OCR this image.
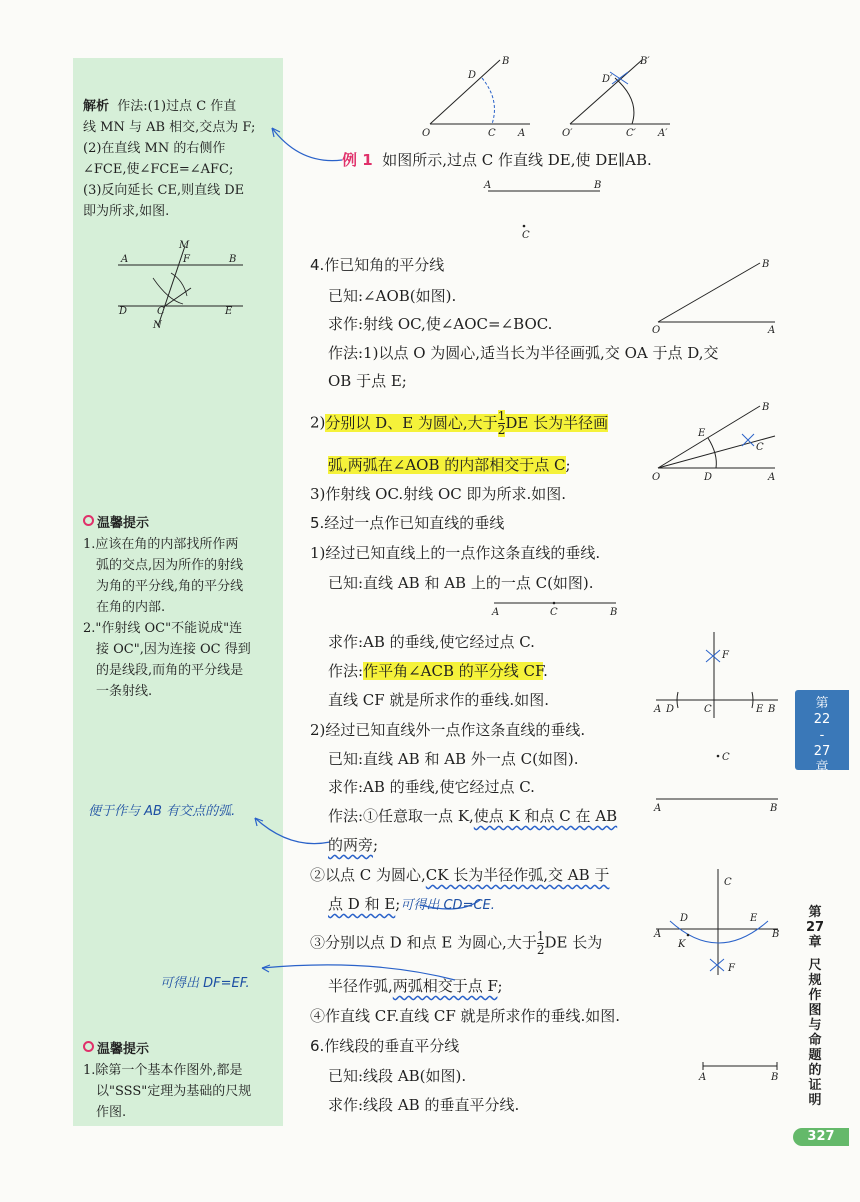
解析 作法:(1)过点 C 作直
线 MN 与 AB 相交,交点为 F;
(2)在直线 MN 的右侧作
∠FCE,使∠FCE=∠AFC;
(3)反向延长 CE,则直线 DE
即为所求,如图.
M
A	F	B
D	C	E
N
温馨提示
1.应该在角的内部找所作两
弧的交点,因为所作的射线
为角的平分线,角的平分线
在角的内部.
2."作射线 OC"不能说成"连
接 OC",因为连接 OC 得到
的是线段,而角的平分线是
一条射线.
便于作与 AB 有交点的弧.
可得出 DF=EF.
温馨提示
1.除第一个基本作图外,都是
以"SSS"定理为基础的尺规
作图.
O	C A
D
B
O′	C′ A′
D′
B′
例 1 如图所示,过点 C 作直线 DE,使 DE∥AB.
A	B
C
4.作已知角的平分线
已知:∠AOB(如图).
求作:射线 OC,使∠AOC=∠BOC.
作法:1)以点 O 为圆心,适当长为半径画弧,交 OA 于点 D,交
OB 于点 E;
2)分别以 D、E 为圆心,大于 $\frac{1}{2}$ DE 长为半径画
弧,两弧在∠AOB 的内部相交于点 C;
3)作射线 OC.射线 OC 即为所求.如图.
O	A
B
O	D	A
B
E
C
5.经过一点作已知直线的垂线
1)经过已知直线上的一点作这条直线的垂线.
已知:直线 AB 和 AB 上的一点 C(如图).
A	C	B
求作:AB 的垂线,使它经过点 C.
作法:作平角∠ACB 的平分线 CF.
直线 CF 就是所求作的垂线.如图.
A D	C	E B
F
2)经过已知直线外一点作这条直线的垂线.
已知:直线 AB 和 AB 外一点 C(如图).
求作:AB 的垂线,使它经过点 C.
C
A	B
作法:①任意取一点 K,使点 K 和点 C 在 AB
的两旁;
②以点 C 为圆心,CK 长为半径作弧,交 AB 于
点 D 和 E;可得出 CD=CE.
③分别以点 D 和点 E 为圆心,大于 $\frac{1}{2}$ DE 长为
半径作弧,两弧相交于点 F;
④作直线 CF.直线 CF 就是所求作的垂线.如图.
C
D	E
A	B
K
F
6.作线段的垂直平分线
已知:线段 AB(如图).
求作:线段 AB 的垂直平分线.
A	B
第
22
-
27
章
第
27
章
尺
规
作
图
与
命
题
的
证
明
327
